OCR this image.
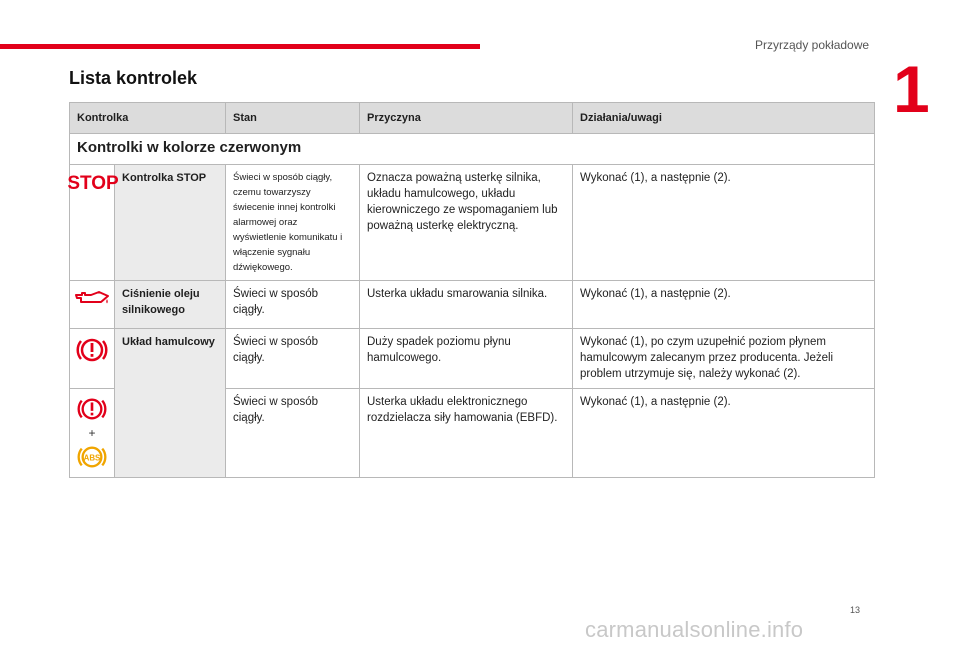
Przyrządy pokładowe
1
Lista kontrolek
Kontrolka		Stan	Przyczyna	Działania/uwagi
Kontrolki w kolorze czerwonym				

STOP	Kontrolka STOP	Świeci w sposób ciągły, czemu towarzyszy świecenie innej kontrolki alarmowej oraz wyświetlenie komunikatu i włączenie sygnału dźwiękowego.	Oznacza poważną usterkę silnika, układu hamulcowego, układu kierowniczego ze wspomaganiem lub poważną usterkę elektryczną.	Wykonać (1), a następnie (2).

	Ciśnienie oleju silnikowego	Świeci w sposób ciągły.	Usterka układu smarowania silnika.	Wykonać (1), a następnie (2).

	Układ hamulcowy	Świeci w sposób ciągły.	Duży spadek poziomu płynu hamulcowego.	Wykonać (1), po czym uzupełnić poziom płynem hamulcowym zalecanym przez producenta. Jeżeli problem utrzymuje się, należy wykonać (2).

+
ABS		Świeci w sposób ciągły.	Usterka układu elektronicznego rozdzielacza siły hamowania (EBFD).	Wykonać (1), a następnie (2).
13
carmanualsonline.info
